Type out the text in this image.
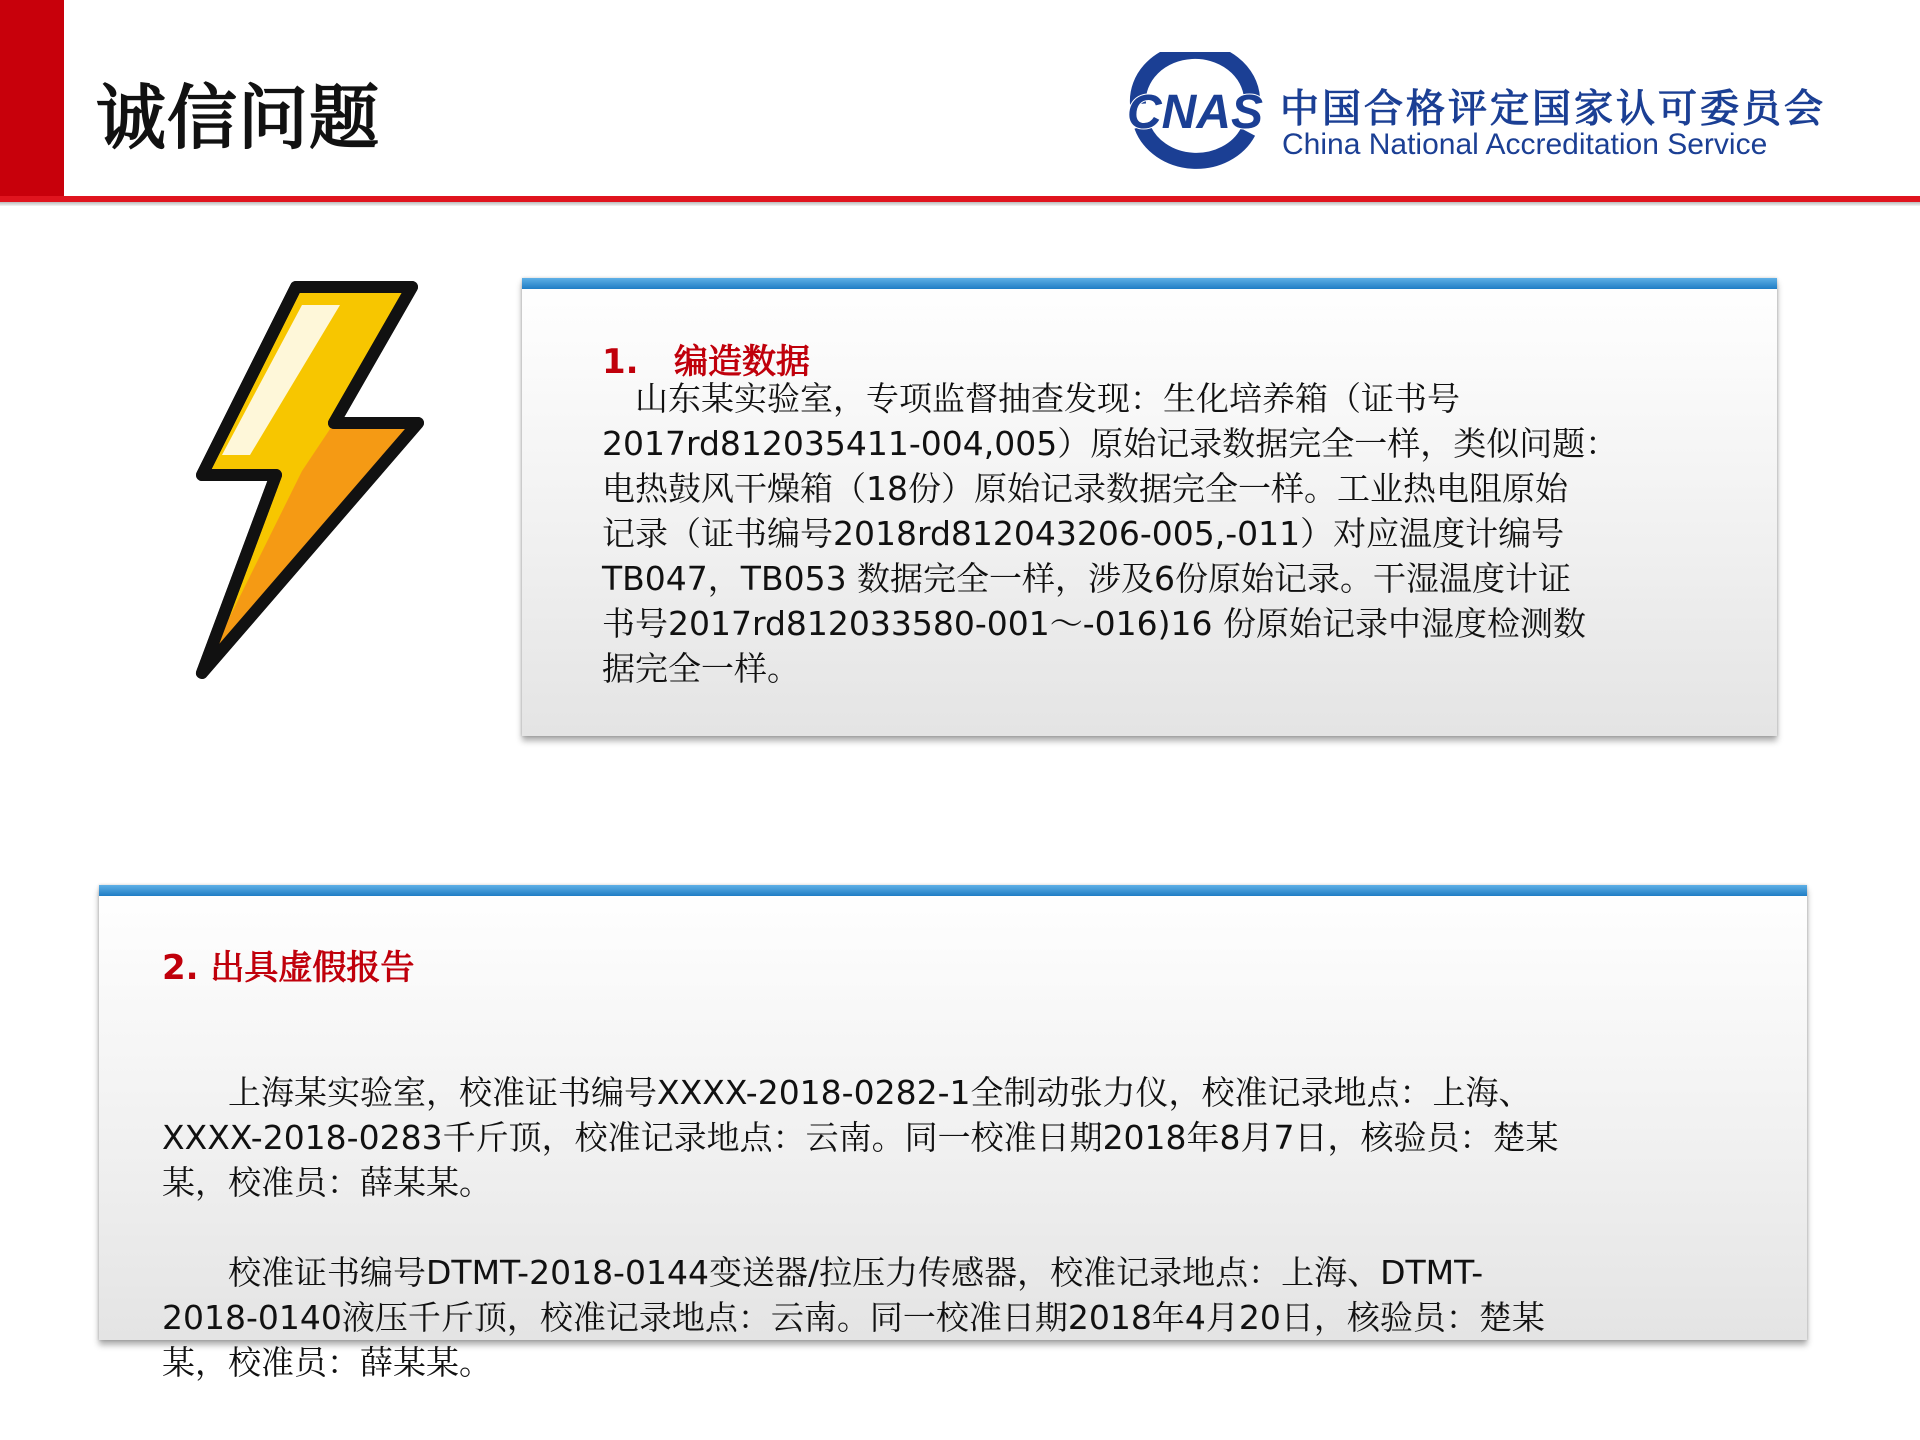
诚信问题	CNAS 中国合格评定国家认可委员会
China National Accreditation Service
1. 编造数据

　山东某实验室，专项监督抽查发现：生化培养箱（证书号
2017rd812035411-004,005）原始记录数据完全一样，类似问题：
电热鼓风干燥箱（18份）原始记录数据完全一样。工业热电阻原始
记录（证书编号2018rd812043206-005,-011）对应温度计编号
TB047，TB053 数据完全一样，涉及6份原始记录。干湿温度计证
书号2017rd812033580-001～-016)16 份原始记录中湿度检测数
据完全一样。

2. 出具虚假报告

　　上海某实验室，校准证书编号XXXX-2018-0282-1全制动张力仪，校准记录地点：上海、
XXXX-2018-0283千斤顶，校准记录地点：云南。同一校准日期2018年8月7日，核验员：楚某
某，校准员：薛某某。

　　校准证书编号DTMT-2018-0144变送器/拉压力传感器，校准记录地点：上海、DTMT-
2018-0140液压千斤顶，校准记录地点：云南。同一校准日期2018年4月20日，核验员：楚某
某，校准员：薛某某。
